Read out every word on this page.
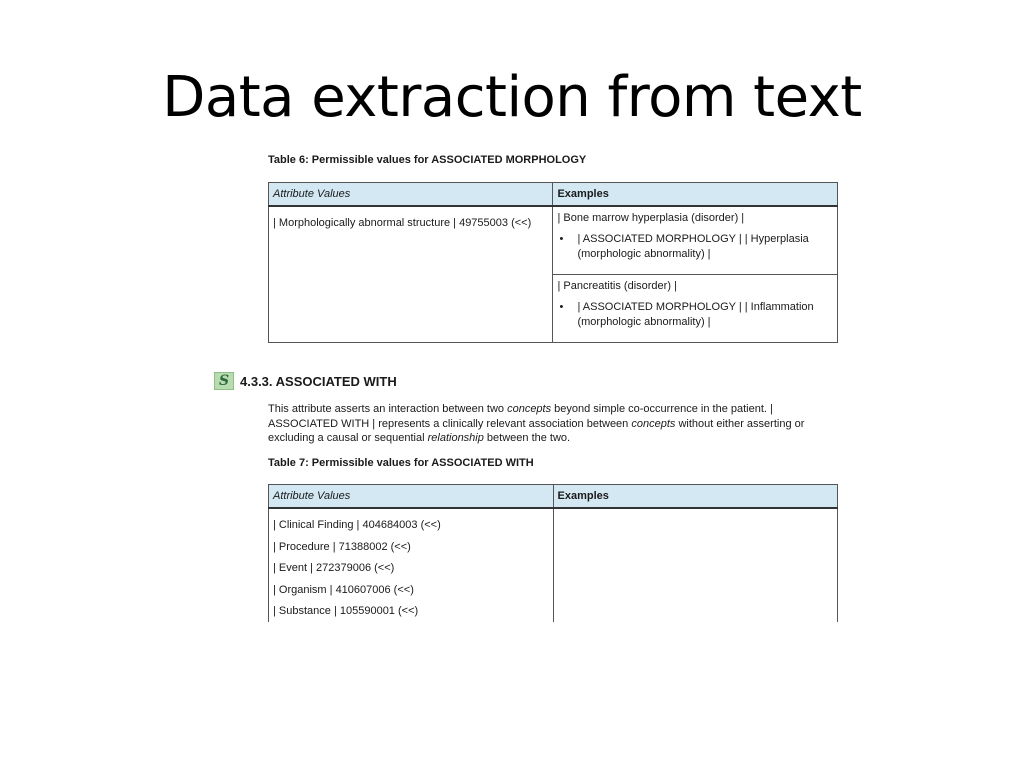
Data extraction from text
Table 6: Permissible values for ASSOCIATED MORPHOLOGY
Attribute Values	Examples

| Morphologically abnormal structure | 49755003 (<<)	| Bone marrow hyperplasia (disorder) |
• | ASSOCIATED MORPHOLOGY | | Hyperplasia (morphologic abnormality) |

	| Pancreatitis (disorder) |
• | ASSOCIATED MORPHOLOGY | | Inflammation (morphologic abnormality) |
S 4.3.3. ASSOCIATED WITH

This attribute asserts an interaction between two concepts beyond simple co-occurrence in the patient. | ASSOCIATED WITH | represents a clinically relevant association between concepts without either asserting or excluding a causal or sequential relationship between the two.

Table 7: Permissible values for ASSOCIATED WITH
Attribute Values	Examples

| Clinical Finding | 404684003 (<<)
| Procedure | 71388002 (<<)
| Event | 272379006 (<<)
| Organism | 410607006 (<<)
| Substance | 105590001 (<<)	
